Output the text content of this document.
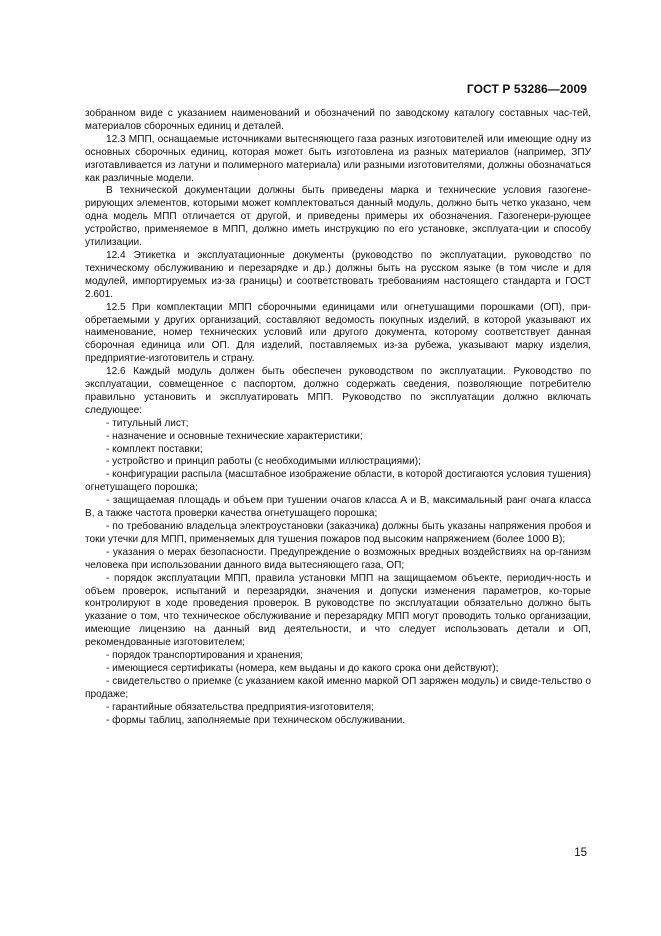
ГОСТ Р 53286—2009

зобранном виде с указанием наименований и обозначений по заводскому каталогу составных час-тей, материалов сборочных единиц и деталей.

12.3 МПП, оснащаемые источниками вытесняющего газа разных изготовителей или имеющие одну из основных сборочных единиц, которая может быть изготовлена из разных материалов (например, ЗПУ изготавливается из латуни и полимерного материала) или разными изготовителями, должны обозначаться как различные модели.

В технической документации должны быть приведены марка и технические условия газогене-рирующих элементов, которыми может комплектоваться данный модуль, должно быть четко указано, чем одна модель МПП отличается от другой, и приведены примеры их обозначения. Газогенери-рующее устройство, применяемое в МПП, должно иметь инструкцию по его установке, эксплуата-ции и способу утилизации.

12.4 Этикетка и эксплуатационные документы (руководство по эксплуатации, руководство по техническому обслуживанию и перезарядке и др.) должны быть на русском языке (в том числе и для модулей, импортируемых из-за границы) и соответствовать требованиям настоящего стандарта и ГОСТ 2.601.

12.5 При комплектации МПП сборочными единицами или огнетушащими порошками (ОП), при-обретаемыми у других организаций, составляют ведомость покупных изделий, в которой указывают их наименование, номер технических условий или другого документа, которому соответствует данная сборочная единица или ОП. Для изделий, поставляемых из-за рубежа, указывают марку изделия, предприятие-изготовитель и страну.

12.6 Каждый модуль должен быть обеспечен руководством по эксплуатации. Руководство по эксплуатации, совмещенное с паспортом, должно содержать сведения, позволяющие потребителю правильно установить и эксплуатировать МПП. Руководство по эксплуатации должно включать следующее:

- титульный лист;

- назначение и основные технические характеристики;

- комплект поставки;

- устройство и принцип работы (с необходимыми иллюстрациями);

- конфигурации распыла (масштабное изображение области, в которой достигаются условия тушения) огнетушащего порошка;

- защищаемая площадь и объем при тушении очагов класса А и В, максимальный ранг очага класса В, а также частота проверки качества огнетушащего порошка;

- по требованию владельца электроустановки (заказчика) должны быть указаны напряжения пробоя и токи утечки для МПП, применяемых для тушения пожаров под высоким напряжением (более 1000 В);

- указания о мерах безопасности. Предупреждение о возможных вредных воздействиях на ор-ганизм человека при использовании данного вида вытесняющего газа, ОП;

- порядок эксплуатации МПП, правила установки МПП на защищаемом объекте, периодич-ность и объем проверок, испытаний и перезарядки, значения и допуски изменения параметров, ко-торые контролируют в ходе проведения проверок. В руководстве по эксплуатации обязательно должно быть указание о том, что техническое обслуживание и перезарядку МПП могут проводить только организации, имеющие лицензию на данный вид деятельности, и что следует использовать детали и ОП, рекомендованные изготовителем;

- порядок транспортирования и хранения;

- имеющиеся сертификаты (номера, кем выданы и до какого срока они действуют);

- свидетельство о приемке (с указанием какой именно маркой ОП заряжен модуль) и свиде-тельство о продаже;

- гарантийные обязательства предприятия-изготовителя;

- формы таблиц, заполняемые при техническом обслуживании.

15
